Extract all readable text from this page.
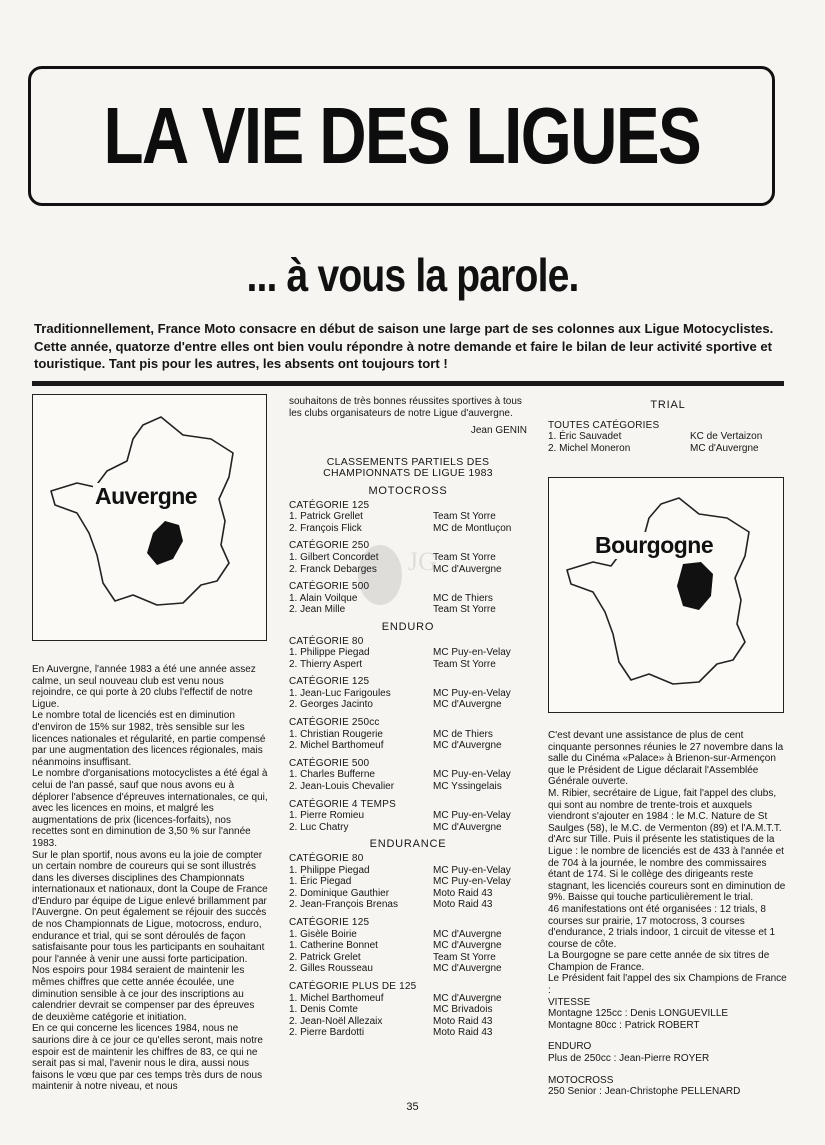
LA VIE DES LIGUES
... à vous la parole.
Traditionnellement, France Moto consacre en début de saison une large part de ses colonnes aux Ligue Motocyclistes. Cette année, quatorze d'entre elles ont bien voulu répondre à notre demande et faire le bilan de leur activité sportive et touristique. Tant pis pour les autres, les absents ont toujours tort !
Auvergne

En Auvergne, l'année 1983 a été une année assez calme, un seul nouveau club est venu nous rejoindre, ce qui porte à 20 clubs l'effectif de notre Ligue.

Le nombre total de licenciés est en diminution d'environ de 15% sur 1982, très sensible sur les licences nationales et régularité, en partie compensé par une augmentation des licences régionales, mais néanmoins insuffisant.

Le nombre d'organisations motocyclistes a été égal à celui de l'an passé, sauf que nous avons eu à déplorer l'absence d'épreuves internationales, ce qui, avec les licences en moins, et malgré les augmentations de prix (licences-forfaits), nos recettes sont en diminution de 3,50 % sur l'année 1983.

Sur le plan sportif, nous avons eu la joie de compter un certain nombre de coureurs qui se sont illustrés dans les diverses disciplines des Championnats internationaux et nationaux, dont la Coupe de France d'Enduro par équipe de Ligue enlevé brillamment par l'Auvergne. On peut également se réjouir des succès de nos Championnats de Ligue, motocross, enduro, endurance et trial, qui se sont déroulés de façon satisfaisante pour tous les participants en souhaitant pour l'année à venir une aussi forte participation.

Nos espoirs pour 1984 seraient de maintenir les mêmes chiffres que cette année écoulée, une diminution sensible à ce jour des inscriptions au calendrier devrait se compenser par des épreuves de deuxième catégorie et initiation.

En ce qui concerne les licences 1984, nous ne saurions dire à ce jour ce qu'elles seront, mais notre espoir est de maintenir les chiffres de 83, ce qui ne serait pas si mal, l'avenir nous le dira, aussi nous faisons le vœu que par ces temps très durs de nous maintenir à notre niveau, et nous

JG

souhaitons de très bonnes réussites sportives à tous les clubs organisateurs de notre Ligue d'auvergne.

Jean GENIN
CLASSEMENTS PARTIELS DES
CHAMPIONNATS DE LIGUE 1983
MOTOCROSS
CATÉGORIE 125
1. Patrick Grellet	Team St Yorre
2. François Flick	MC de Montluçon
CATÉGORIE 250
1. Gilbert Concordet	Team St Yorre
2. Franck Debarges	MC d'Auvergne
CATÉGORIE 500
1. Alain Voilque	MC de Thiers
2. Jean Mille	Team St Yorre
ENDURO
CATÉGORIE 80
1. Philippe Piegad	MC Puy-en-Velay
2. Thierry Aspert	Team St Yorre
CATÉGORIE 125
1. Jean-Luc Farigoules	MC Puy-en-Velay
2. Georges Jacinto	MC d'Auvergne
CATÉGORIE 250cc
1. Christian Rougerie	MC de Thiers
2. Michel Barthomeuf	MC d'Auvergne
CATÉGORIE 500
1. Charles Bufferne	MC Puy-en-Velay
2. Jean-Louis Chevalier	MC Yssingelais
CATÉGORIE 4 TEMPS
1. Pierre Romieu	MC Puy-en-Velay
2. Luc Chatry	MC d'Auvergne
ENDURANCE
CATÉGORIE 80
1. Philippe Piegad	MC Puy-en-Velay
1. Éric Piegad	MC Puy-en-Velay
2. Dominique Gauthier	Moto Raid 43
2. Jean-François Brenas	Moto Raid 43
CATÉGORIE 125
1. Gisèle Boirie	MC d'Auvergne
1. Catherine Bonnet	MC d'Auvergne
2. Patrick Grelet	Team St Yorre
2. Gilles Rousseau	MC d'Auvergne
CATÉGORIE PLUS DE 125
1. Michel Barthomeuf	MC d'Auvergne
1. Denis Comte	MC Brivadois
2. Jean-Noël Allezaix	Moto Raid 43
2. Pierre Bardotti	Moto Raid 43
TRIAL
TOUTES CATÉGORIES
1. Éric Sauvadet	KC de Vertaizon
2. Michel Moneron	MC d'Auvergne
Bourgogne

C'est devant une assistance de plus de cent cinquante personnes réunies le 27 novembre dans la salle du Cinéma «Palace» à Brienon-sur-Armençon que le Président de Ligue déclarait l'Assemblée Générale ouverte.

M. Ribier, secrétaire de Ligue, fait l'appel des clubs, qui sont au nombre de trente-trois et auxquels viendront s'ajouter en 1984 : le M.C. Nature de St Saulges (58), le M.C. de Vermenton (89) et l'A.M.T.T. d'Arc sur Tille. Puis il présente les statistiques de la Ligue : le nombre de licenciés est de 433 à l'année et de 704 à la journée, le nombre des commissaires étant de 174. Si le collège des dirigeants reste stagnant, les licenciés coureurs sont en diminution de 9%. Baisse qui touche particulièrement le trial.

46 manifestations ont été organisées : 12 trials, 8 courses sur prairie, 17 motocross, 3 courses d'endurance, 2 trials indoor, 1 circuit de vitesse et 1 course de côte.

La Bourgogne se pare cette année de six titres de Champion de France.

Le Président fait l'appel des six Champions de France :

VITESSE
Montagne 125cc : Denis LONGUEVILLE
Montagne 80cc : Patrick ROBERT
ENDURO
Plus de 250cc : Jean-Pierre ROYER
MOTOCROSS
250 Senior : Jean-Christophe PELLENARD
35
